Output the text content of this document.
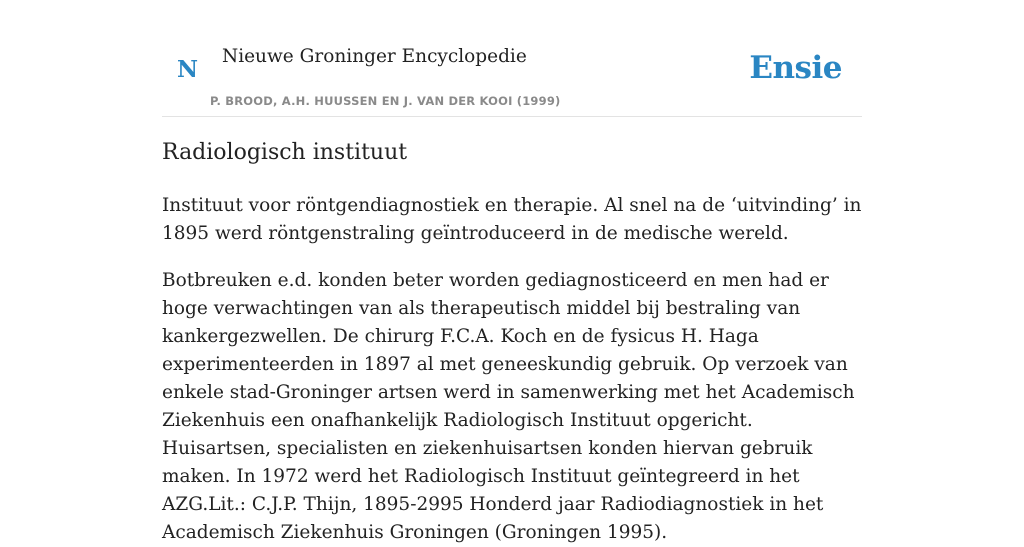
N Nieuwe Groninger Encyclopedie
P. BROOD, A.H. HUUSSEN EN J. VAN DER KOOI (1999)
Ensie
Radiologisch instituut

Instituut voor röntgendiagnostiek en therapie. Al snel na de ‘uitvinding’ in 1895 werd röntgenstraling geïntroduceerd in de medische wereld.

Botbreuken e.d. konden beter worden gediagnosticeerd en men had er hoge verwachtingen van als therapeutisch middel bij bestraling van kankergezwellen. De chirurg F.C.A. Koch en de fysicus H. Haga experimenteerden in 1897 al met geneeskundig gebruik. Op verzoek van enkele stad-Groninger artsen werd in samenwerking met het Academisch Ziekenhuis een onafhankelijk Radiologisch Instituut opgericht. Huisartsen, specialisten en ziekenhuisartsen konden hiervan gebruik maken. In 1972 werd het Radiologisch Instituut geïntegreerd in het AZG.Lit.: C.J.P. Thijn, 1895-2995 Honderd jaar Radiodiagnostiek in het Academisch Ziekenhuis Groningen (Groningen 1995).
